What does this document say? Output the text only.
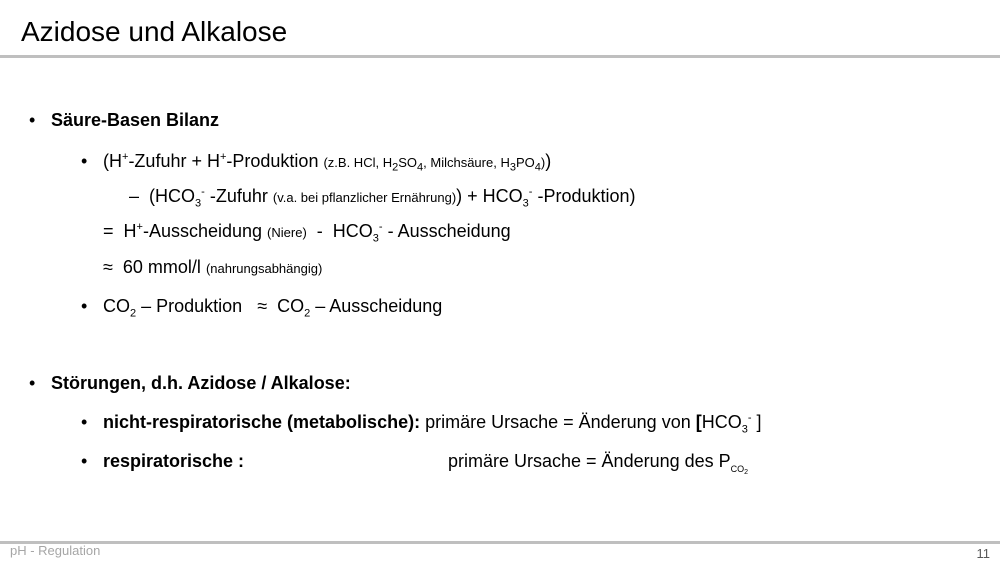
Azidose und Alkalose
• Säure-Basen Bilanz
• (H+-Zufuhr + H+-Produktion (z.B. HCl, $H_2SO_4$, Milchsäure, $H_3PO_4$))
– ($HCO_3^-$ -Zufuhr (v.a. bei pflanzlicher Ernährung)) + $HCO_3^-$ -Produktion)
= H+-Ausscheidung (Niere)  -  $HCO_3^-$ - Ausscheidung
≈ 60 mmol/l (nahrungsabhängig)
• $CO_2$ – Produktion   ≈  $CO_2$ – Ausscheidung
• Störungen, d.h. Azidose / Alkalose:
• nicht-respiratorische (metabolische): primäre Ursache = Änderung von [$HCO_3^-$ ]
• respiratorische :	primäre Ursache = Änderung des $P_{CO_2}$
pH - Regulation	11
